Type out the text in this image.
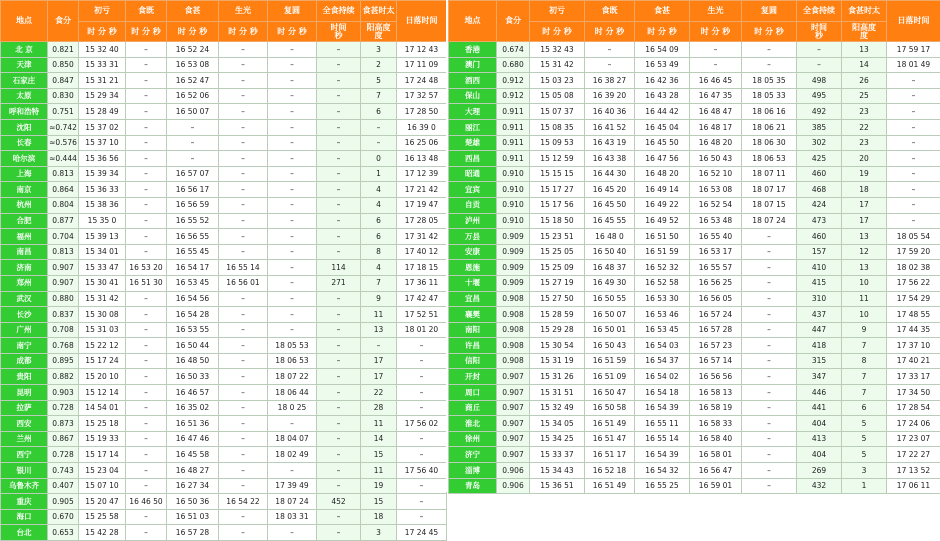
地点	食分	初亏	食既	食甚	生光	复圆	全食持续	食甚时太	日落时间
		时 分 秒	时 分 秒	时 分 秒	时 分 秒	时 分 秒	时间
秒	阳高度
度	

北 京	0.821	15 32 40	–	16 52 24	–	–	–	3	17 12 43
天津	0.850	15 33 31	–	16 53 08	–	–	–	2	17 11 09
石家庄	0.847	15 31 21	–	16 52 47	–	–	–	5	17 24 48
太原	0.830	15 29 34	–	16 52 06	–	–	–	7	17 32 57
呼和浩特	0.751	15 28 49	–	16 50 07	–	–	–	6	17 28 50
沈阳	≈0.742	15 37 02	–	–	–	–	–	–	16 39 0
长春	≈0.576	15 37 10	–	–	–	–	–	–	16 25 06
哈尔滨	≈0.444	15 36 56	–	–	–	–	–	0	16 13 48
上海	0.813	15 39 34	–	16 57 07	–	–	–	1	17 12 39
南京	0.864	15 36 33	–	16 56 17	–	–	–	4	17 21 42
杭州	0.804	15 38 36	–	16 56 59	–	–	–	4	17 19 47
合肥	0.877	15 35 0	–	16 55 52	–	–	–	6	17 28 05
福州	0.704	15 39 13	–	16 56 55	–	–	–	6	17 31 42
南昌	0.813	15 34 01	–	16 55 45	–	–	–	8	17 40 12
济南	0.907	15 33 47	16 53 20	16 54 17	16 55 14	–	114	4	17 18 15
郑州	0.907	15 30 41	16 51 30	16 53 45	16 56 01	–	271	7	17 36 11
武汉	0.880	15 31 42	–	16 54 56	–	–	–	9	17 42 47
长沙	0.837	15 30 08	–	16 54 28	–	–	–	11	17 52 51
广州	0.708	15 31 03	–	16 53 55	–	–	–	13	18 01 20
南宁	0.768	15 22 12	–	16 50 44	–	18 05 53	–	–	–
成都	0.895	15 17 24	–	16 48 50	–	18 06 53	–	17	–
贵阳	0.882	15 20 10	–	16 50 33	–	18 07 22	–	17	–
昆明	0.903	15 12 14	–	16 46 57	–	18 06 44	–	22	–
拉萨	0.728	14 54 01	–	16 35 02	–	18 0 25	–	28	–
西安	0.873	15 25 18	–	16 51 36	–	–	–	11	17 56 02
兰州	0.867	15 19 33	–	16 47 46	–	18 04 07	–	14	–
西宁	0.728	15 17 14	–	16 45 58	–	18 02 49	–	15	–
银川	0.743	15 23 04	–	16 48 27	–	–	–	11	17 56 40
乌鲁木齐	0.407	15 07 10	–	16 27 34	–	17 39 49	–	19	–
重庆	0.905	15 20 47	16 46 50	16 50 36	16 54 22	18 07 24	452	15	–
海口	0.670	15 25 58	–	16 51 03	–	18 03 31	–	18	–
台北	0.653	15 42 28	–	16 57 28	–	–	–	3	17 24 45
地点	食分	初亏	食既	食甚	生光	复圆	全食持续	食甚时太	日落时间
		时 分 秒	时 分 秒	时 分 秒	时 分 秒	时 分 秒	时间
秒	阳高度
度	

香港	0.674	15 32 43	–	16 54 09	–	–	–	13	17 59 17
澳门	0.680	15 31 42	–	16 53 49	–	–	–	14	18 01 49
酒西	0.912	15 03 23	16 38 27	16 42 36	16 46 45	18 05 35	498	26	–
保山	0.912	15 05 08	16 39 20	16 43 28	16 47 35	18 05 33	495	25	–
大理	0.911	15 07 37	16 40 36	16 44 42	16 48 47	18 06 16	492	23	–
丽江	0.911	15 08 35	16 41 52	16 45 04	16 48 17	18 06 21	385	22	–
楚雄	0.911	15 09 53	16 43 19	16 45 50	16 48 20	18 06 30	302	23	–
西昌	0.911	15 12 59	16 43 38	16 47 56	16 50 43	18 06 53	425	20	–
昭通	0.910	15 15 15	16 44 30	16 48 20	16 52 10	18 07 11	460	19	–
宜宾	0.910	15 17 27	16 45 20	16 49 14	16 53 08	18 07 17	468	18	–
自贡	0.910	15 17 56	16 45 50	16 49 22	16 52 54	18 07 15	424	17	–
泸州	0.910	15 18 50	16 45 55	16 49 52	16 53 48	18 07 24	473	17	–
万县	0.909	15 23 51	16 48 0	16 51 50	16 55 40	–	460	13	18 05 54
安康	0.909	15 25 05	16 50 40	16 51 59	16 53 17	–	157	12	17 59 20
恩施	0.909	15 25 09	16 48 37	16 52 32	16 55 57	–	410	13	18 02 38
十堰	0.909	15 27 19	16 49 30	16 52 58	16 56 25	–	415	10	17 56 22
宜昌	0.908	15 27 50	16 50 55	16 53 30	16 56 05	–	310	11	17 54 29
襄樊	0.908	15 28 59	16 50 07	16 53 46	16 57 24	–	437	10	17 48 55
南阳	0.908	15 29 28	16 50 01	16 53 45	16 57 28	–	447	9	17 44 35
许昌	0.908	15 30 54	16 50 43	16 54 03	16 57 23	–	418	7	17 37 10
信阳	0.908	15 31 19	16 51 59	16 54 37	16 57 14	–	315	8	17 40 21
开封	0.907	15 31 26	16 51 09	16 54 02	16 56 56	–	347	7	17 33 17
周口	0.907	15 31 51	16 50 47	16 54 18	16 58 13	–	446	7	17 34 50
商丘	0.907	15 32 49	16 50 58	16 54 39	16 58 19	–	441	6	17 28 54
淮北	0.907	15 34 05	16 51 49	16 55 11	16 58 33	–	404	5	17 24 06
徐州	0.907	15 34 25	16 51 47	16 55 14	16 58 40	–	413	5	17 23 07
济宁	0.907	15 33 37	16 51 17	16 54 39	16 58 01	–	404	5	17 22 27
淄博	0.906	15 34 43	16 52 18	16 54 32	16 56 47	–	269	3	17 13 52
青岛	0.906	15 36 51	16 51 49	16 55 25	16 59 01	–	432	1	17 06 11
